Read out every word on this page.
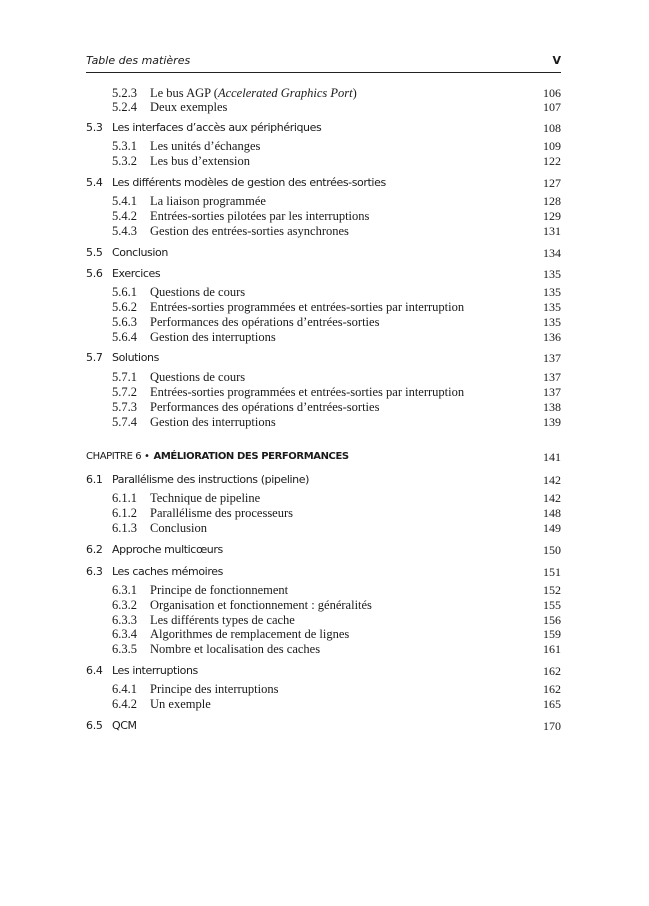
Table des matières	V
5.2.3 Le bus AGP (Accelerated Graphics Port)	106
5.2.4 Deux exemples	107
5.3 Les interfaces d’accès aux périphériques	108
5.3.1 Les unités d’échanges	109
5.3.2 Les bus d’extension	122
5.4 Les différents modèles de gestion des entrées-sorties	127
5.4.1 La liaison programmée	128
5.4.2 Entrées-sorties pilotées par les interruptions	129
5.4.3 Gestion des entrées-sorties asynchrones	131
5.5 Conclusion	134
5.6 Exercices	135
5.6.1 Questions de cours	135
5.6.2 Entrées-sorties programmées et entrées-sorties par interruption	135
5.6.3 Performances des opérations d’entrées-sorties	135
5.6.4 Gestion des interruptions	136
5.7 Solutions	137
5.7.1 Questions de cours	137
5.7.2 Entrées-sorties programmées et entrées-sorties par interruption	137
5.7.3 Performances des opérations d’entrées-sorties	138
5.7.4 Gestion des interruptions	139
CHAPITRE 6 • AMÉLIORATION DES PERFORMANCES	141
6.1 Parallélisme des instructions (pipeline)	142
6.1.1 Technique de pipeline	142
6.1.2 Parallélisme des processeurs	148
6.1.3 Conclusion	149
6.2 Approche multicœurs	150
6.3 Les caches mémoires	151
6.3.1 Principe de fonctionnement	152
6.3.2 Organisation et fonctionnement : généralités	155
6.3.3 Les différents types de cache	156
6.3.4 Algorithmes de remplacement de lignes	159
6.3.5 Nombre et localisation des caches	161
6.4 Les interruptions	162
6.4.1 Principe des interruptions	162
6.4.2 Un exemple	165
6.5 QCM	170
